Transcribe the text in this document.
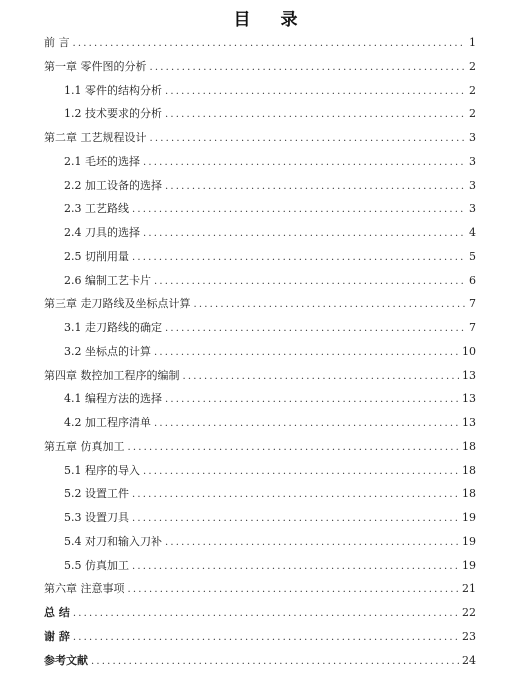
目 录
前 言 .....	1
第一章 零件图的分析 .....	2
1.1 零件的结构分析 .....	2
1.2 技术要求的分析 .....	2
第二章 工艺规程设计 .....	3
2.1 毛坯的选择 .....	3
2.2 加工设备的选择 .....	3
2.3 工艺路线 .....	3
2.4 刀具的选择 .....	4
2.5 切削用量 .....	5
2.6 编制工艺卡片 .....	6
第三章 走刀路线及坐标点计算 .....	7
3.1 走刀路线的确定 .....	7
3.2 坐标点的计算 .....	10
第四章 数控加工程序的编制 .....	13
4.1 编程方法的选择 .....	13
4.2 加工程序清单 .....	13
第五章 仿真加工 .....	18
5.1 程序的导入 .....	18
5.2 设置工件 .....	18
5.3 设置刀具 .....	19
5.4 对刀和输入刀补 .....	19
5.5 仿真加工 .....	19
第六章 注意事项 .....	21
总 结 .....	22
谢 辞 .....	23
参考文献 .....	24
